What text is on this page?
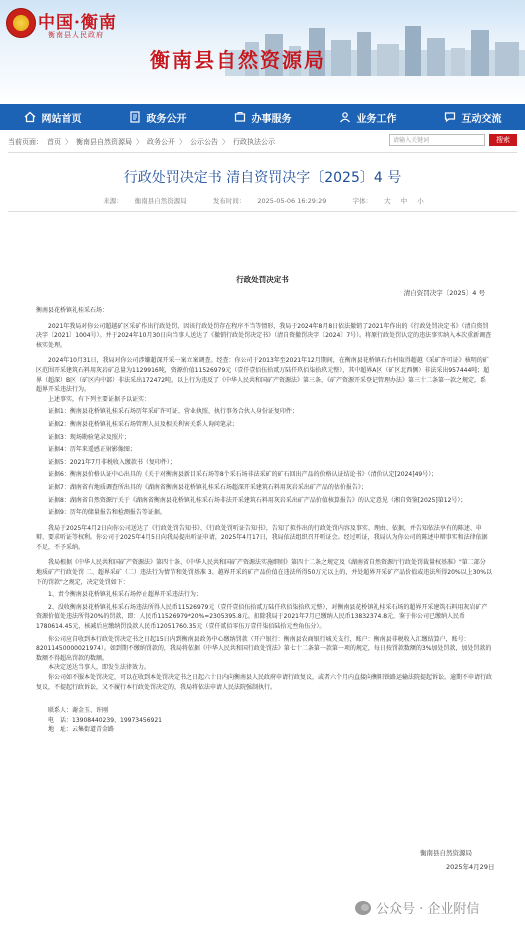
中国·衡南
衡南县人民政府
衡南县自然资源局
网站首页	政务公开	办事服务	业务工作	互动交流
当前页面： 首页 〉 衡南县自然资源局 〉 政务公开 〉 公示公告 〉 行政执法公示	请输入关键词	搜索
行政处罚决定书 清自资罚决字〔2025〕4 号
来源： 衡南县自然资源局	发布时间： 2025-05-06 16:29:29	字体： 大 中 小
行政处罚决定书
清自资罚决字〔2025〕4 号

衡南县花桥镇礼桂采石场：

2021年我局对你公司超越矿区采矿作出行政处罚，因该行政处罚存在程序不当等情形，我局于2024年8月8日依法撤销了2021年作出的《行政处罚决定书》（清自资罚决字〔2021〕1004号）。并于2024年10月30日向当事人送达了《撤销行政处罚决定书》（清自资撤罚决字〔2024〕7号）。将原行政处罚认定的违法事实纳入本次重新调查核实处理。

2024年10月31日，我局对你公司涉嫌超深开采一案立案调查。经查：你公司于2013年至2021年12月期间，在衡南县花桥镇石台村取得超越《采矿许可证》核明的矿区范围开采建筑石料用灰岩矿总量为1129916吨，资源价值11526979元（壹仟壹佰伍拾贰万陆仟玖佰柒拾玖元整），其中超界A区（矿区北西侧）非法采出957444吨；超界（超深）B区（矿区内中部）非法采出172472吨。以上行为违反了《中华人民共和国矿产资源法》第三条、《矿产资源开采登记管理办法》第三十二条第一款之规定，系超界开采违法行为。

上述事实，有下列主要证据予以证实：

证据1：衡南县花桥镇礼桂采石场历年采矿许可证、营业执照、执行事务合伙人身份证复印件；

证据2：衡南县花桥镇礼桂采石场管理人员及相关利害关系人询问笔录；

证据3：现场勘验笔录及照片；

证据4：历年来遥感正射影像图；

证据5：2021年7月非税收入缴款书（复印件）；

证据6：衡南县价格认证中心出具的《关于对衡南县新目采石场等8个采石场非法采矿的矿石回出产品的价格认证结论书》（清价认定[2024]49号）；

证据7：湖南省有地质调查所出具的《湖南省衡南县花桥镇礼桂采石场超深开采建筑石料用灰岩采出矿产品的估价报告》；

证据8：湖南省自然资源厅关于《湖南省衡南县花桥镇礼桂采石场非法开采建筑石料用灰岩采出矿产品价值核算报告》的认定意见（湘自资鉴[2025]第12号）；

证据9：历年的储量报告和检测报告等证据。

我局于2025年4月2日向你公司送达了《行政处罚告知书》、《行政处罚听证告知书》，告知了拟作出的行政处罚内容及事实、理由、依据，并告知依法享有的陈述、申辩、要求听证等权利。你公司于2025年4月5日向我局提出听证申请，2025年4月17日，我局依法组织召开听证会。经过听证，我局认为你公司的陈述申辩事实和法律依据不足，不予采纳。

我局根据《中华人民共和国矿产资源法》第四十条、《中华人民共和国矿产资源法实施细则》第四十二条之规定及《湖南省自然资源厅行政处罚裁量权基准》"第二部分 地质矿产行政处罚 二、超界采矿（二）违法行为情节和处罚基准 3、越界开采的矿产品价值在违法所得50万元以上的，并处超界开采矿产品价值或违法所得20%以上30%以下的罚款"之规定，决定处罚如下：

1、责令衡南县花桥镇礼桂采石场停止超界开采违法行为；

2、没收衡南县花桥镇礼桂采石场违法所得人民币11526979元（壹仟壹佰伍拾贰万陆仟玖佰柒拾玖元整），对衡南县花桥镇礼桂采石场的超界开采建筑石料用灰岩矿产资源价值处违法所得20%的罚款，即：人民币11526979*20%=2305395.8元。扣除我局于2021年7月已缴纳人民币13832374.8元，鉴于你公司已缴纳人民币1780614.45元，核减后应缴纳罚没款人民币12051760.35元（壹仟贰佰零伍万壹仟柒佰陆拾元叁角伍分）。

你公司应自收到本行政处罚决定书之日起15日内到衡南县政务中心缴纳罚款（开户银行：衡南县农商银行城关支行，账户：衡南县非税收入汇缴结算户，账号：82011450000021974）。如到期不缴纳罚款的，我局将依据《中华人民共和国行政处罚法》第七十二条第一款第一项的规定，每日按罚款数额的3%加处罚款，加处罚款的数额不得超出罚款的数额。

本决定送达当事人，即发生法律效力。

你公司如不服本处罚决定，可以在收到本处罚决定书之日起六十日内向衡南县人民政府申请行政复议，或者六个月内直接向衡阳铁路运输法院提起诉讼。逾期不申请行政复议，不提起行政诉讼，又不履行本行政处罚决定的，我局将依法申请人民法院强制执行。

联系人：谢金玉、许刚

电　话：13908440239、19973456921

地　址：云集街道青金路

衡南县自然资源局
2025年4月29日
公众号 · 企业附信
